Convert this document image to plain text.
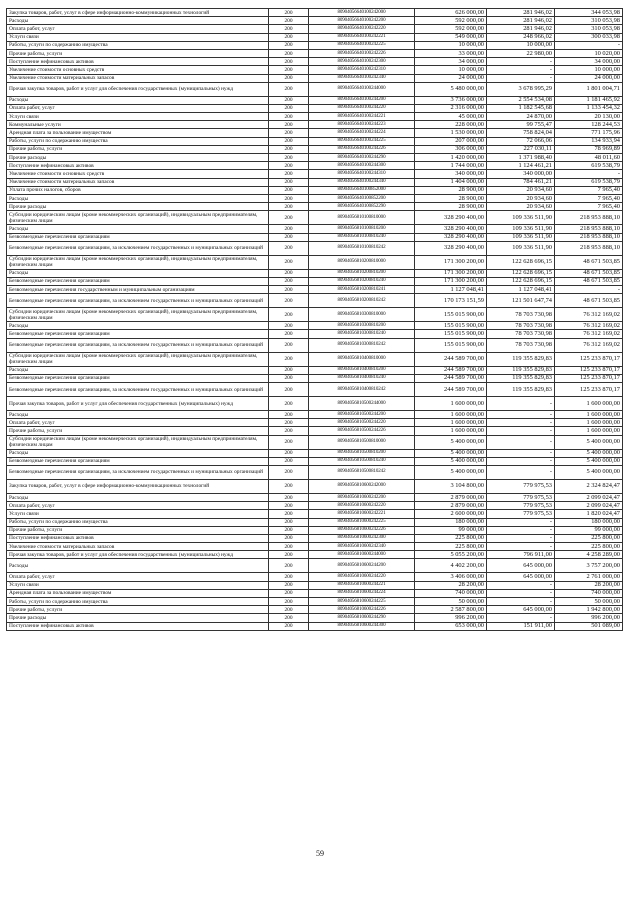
Закупка товаров, работ, услуг в сфере информационно-коммуникационных технологий	200	80904056640100242000	626 000,00	281 946,02	344 053,98
Расходы	200	80904056640100242200	592 000,00	281 946,02	310 053,98
Оплата работ, услуг	200	80904056640100242220	592 000,00	281 946,02	310 053,98
Услуги связи	200	80904056640100242221	549 000,00	248 966,02	300 033,98
Работы, услуги по содержанию имущества	200	80904056640100242225	10 000,00	10 000,00	-
Прочие работы, услуги	200	80904056640100242226	33 000,00	22 980,00	10 020,00
Поступление нефинансовых активов	200	80904056640100242300	34 000,00	-	34 000,00
Увеличение стоимости основных средств	200	80904056640100242310	10 000,00	-	10 000,00
Увеличение стоимости материальных запасов	200	80904056640100242340	24 000,00	-	24 000,00
Прочая закупка товаров, работ и услуг для обеспечения государственных (муниципальных) нужд	200	80904056640100244000	5 480 000,00	3 678 995,29	1 801 004,71
Расходы	200	80904056640100244200	3 736 000,00	2 554 534,08	1 181 465,92
Оплата работ, услуг	200	80904056640100244220	2 316 000,00	1 182 545,68	1 133 454,32
Услуги связи	200	80904056640100244221	45 000,00	24 870,00	20 130,00
Коммунальные услуги	200	80904056640100244223	228 000,00	99 755,47	128 244,53
Арендная плата за пользование имуществом	200	80904056640100244224	1 530 000,00	758 824,04	771 175,96
Работы, услуги по содержанию имущества	200	80904056640100244225	207 000,00	72 066,06	134 933,94
Прочие работы, услуги	200	80904056640100244226	306 000,00	227 030,11	78 969,89
Прочие расходы	200	80904056640100244290	1 420 000,00	1 371 988,40	48 011,60
Поступление нефинансовых активов	200	80904056640100244300	1 744 000,00	1 124 461,21	619 538,79
Увеличение стоимости основных средств	200	80904056640100244310	340 000,00	340 000,00	-
Увеличение стоимости материальных запасов	200	80904056640100244340	1 404 000,00	784 461,21	619 538,79
Уплата прочих налогов, сборов	200	80904056640100852000	28 900,00	20 934,60	7 965,40
Расходы	200	80904056640100852200	28 900,00	20 934,60	7 965,40
Прочие расходы	200	80904056640100852290	28 900,00	20 934,60	7 965,40
Субсидии юридическим лицам (кроме некоммерческих организаций), индивидуальным предпринимателям, физическим лицам	200	80904056810100810000	328 290 400,00	109 336 511,90	218 953 888,10
Расходы	200	80904056810100810200	328 290 400,00	109 336 511,90	218 953 888,10
Безвозмездные перечисления организациям	200	80904056810100810240	328 290 400,00	109 336 511,90	218 953 888,10
Безвозмездные перечисления организациям, за исключением государственных и муниципальных организаций	200	80904056810100810242	328 290 400,00	109 336 511,90	218 953 888,10
Субсидии юридическим лицам (кроме некоммерческих организаций), индивидуальным предпринимателям, физическим лицам	200	80904056810200810000	171 300 200,00	122 628 696,15	48 671 503,85
Расходы	200	80904056810200810200	171 300 200,00	122 628 696,15	48 671 503,85
Безвозмездные перечисления организациям	200	80904056810200810240	171 300 200,00	122 628 696,15	48 671 503,85
Безвозмездные перечисления государственным и муниципальным организациям	200	80904056810200810241	1 127 048,41	1 127 048,41	-
Безвозмездные перечисления организациям, за исключением государственных и муниципальных организаций	200	80904056810200810242	170 173 151,59	121 501 647,74	48 671 503,85
Субсидии юридическим лицам (кроме некоммерческих организаций), индивидуальным предпринимателям, физическим лицам	200	80904056810300810000	155 015 900,00	78 703 730,98	76 312 169,02
Расходы	200	80904056810300810200	155 015 900,00	78 703 730,98	76 312 169,02
Безвозмездные перечисления организациям	200	80904056810300810240	155 015 900,00	78 703 730,98	76 312 169,02
Безвозмездные перечисления организациям, за исключением государственных и муниципальных организаций	200	80904056810300810242	155 015 900,00	78 703 730,98	76 312 169,02
Субсидии юридическим лицам (кроме некоммерческих организаций), индивидуальным предпринимателям, физическим лицам	200	80904056810400810000	244 589 700,00	119 355 829,83	125 233 870,17
Расходы	200	80904056810400810200	244 589 700,00	119 355 829,83	125 233 870,17
Безвозмездные перечисления организациям	200	80904056810400810240	244 589 700,00	119 355 829,83	125 233 870,17
Безвозмездные перечисления организациям, за исключением государственных и муниципальных организаций	200	80904056810400810242	244 589 700,00	119 355 829,83	125 233 870,17
Прочая закупка товаров, работ и услуг для обеспечения государственных (муниципальных) нужд	200	80904056810500244000	1 600 000,00	-	1 600 000,00
Расходы	200	80904056810500244200	1 600 000,00	-	1 600 000,00
Оплата работ, услуг	200	80904056810500244220	1 600 000,00	-	1 600 000,00
Прочие работы, услуги	200	80904056810500244226	1 600 000,00	-	1 600 000,00
Субсидии юридическим лицам (кроме некоммерческих организаций), индивидуальным предпринимателям, физическим лицам	200	80904056810500810000	5 400 000,00	-	5 400 000,00
Расходы	200	80904056810500810200	5 400 000,00	-	5 400 000,00
Безвозмездные перечисления организациям	200	80904056810500810240	5 400 000,00	-	5 400 000,00
Безвозмездные перечисления организациям, за исключением государственных и муниципальных организаций	200	80904056810500810242	5 400 000,00	-	5 400 000,00
Закупка товаров, работ, услуг в сфере информационно-коммуникационных технологий	200	80904056810600242000	3 104 800,00	779 975,53	2 324 824,47
Расходы	200	80904056810600242200	2 879 000,00	779 975,53	2 099 024,47
Оплата работ, услуг	200	80904056810600242220	2 879 000,00	779 975,53	2 099 024,47
Услуги связи	200	80904056810600242221	2 600 000,00	779 975,53	1 820 024,47
Работы, услуги по содержанию имущества	200	80904056810600242225	180 000,00	-	180 000,00
Прочие работы, услуги	200	80904056810600242226	99 000,00	-	99 000,00
Поступление нефинансовых активов	200	80904056810600242300	225 800,00	-	225 800,00
Увеличение стоимости материальных запасов	200	80904056810600242340	225 800,00	-	225 800,00
Прочая закупка товаров, работ и услуг для обеспечения государственных (муниципальных) нужд	200	80904056810600244000	5 055 200,00	796 911,00	4 258 289,00
Расходы	200	80904056810600244200	4 402 200,00	645 000,00	3 757 200,00
Оплата работ, услуг	200	80904056810600244220	3 406 000,00	645 000,00	2 761 000,00
Услуги связи	200	80904056810600244221	28 200,00	-	28 200,00
Арендная плата за пользование имуществом	200	80904056810600244224	740 000,00	-	740 000,00
Работы, услуги по содержанию имущества	200	80904056810600244225	50 000,00	-	50 000,00
Прочие работы, услуги	200	80904056810600244226	2 587 800,00	645 000,00	1 942 800,00
Прочие расходы	200	80904056810600244290	996 200,00	-	996 200,00
Поступление нефинансовых активов	200	80904056810600244300	653 000,00	151 911,00	501 089,00
59
